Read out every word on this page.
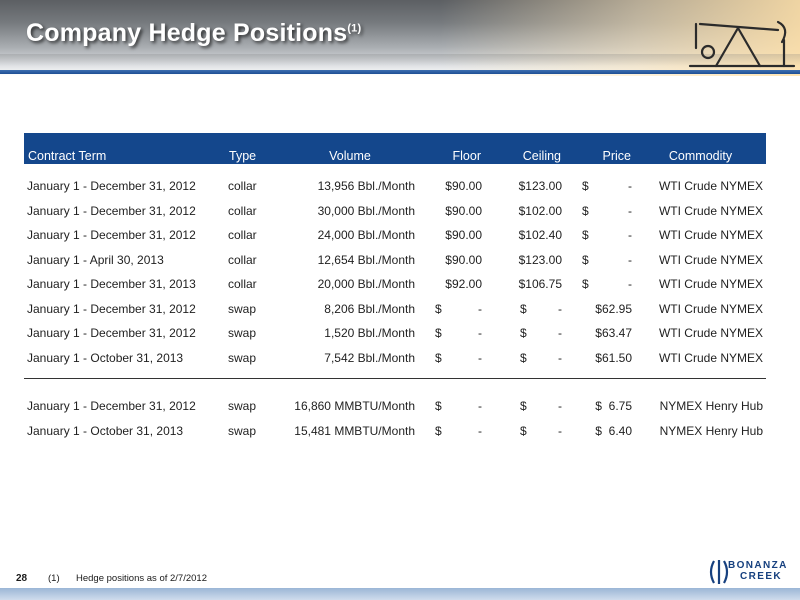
Company Hedge Positions$^{(1)}$
Contract Term	Type	Volume	Floor	Ceiling	Price	Commodity

January 1 - December 31, 2012	collar	13,956 Bbl./Month	$90.00	$123.00	$ -	WTI Crude NYMEX
January 1 - December 31, 2012	collar	30,000 Bbl./Month	$90.00	$102.00	$ -	WTI Crude NYMEX
January 1 - December 31, 2012	collar	24,000 Bbl./Month	$90.00	$102.40	$ -	WTI Crude NYMEX
January 1 - April 30, 2013	collar	12,654 Bbl./Month	$90.00	$123.00	$ -	WTI Crude NYMEX
January 1 - December 31, 2013	collar	20,000 Bbl./Month	$92.00	$106.75	$ -	WTI Crude NYMEX
January 1 - December 31, 2012	swap	8,206 Bbl./Month	$ -	$ -	$62.95	WTI Crude NYMEX
January 1 - December 31, 2012	swap	1,520 Bbl./Month	$ -	$ -	$63.47	WTI Crude NYMEX
January 1 - October 31, 2013	swap	7,542 Bbl./Month	$ -	$ -	$61.50	WTI Crude NYMEX

January 1 - December 31, 2012	swap	16,860 MMBTU/Month	$ -	$ -	$  6.75	NYMEX Henry Hub
January 1 - October 31, 2013	swap	15,481 MMBTU/Month	$ -	$ -	$  6.40	NYMEX Henry Hub
28 (1) Hedge positions as of 2/7/2012
BONANZA
CREEK
